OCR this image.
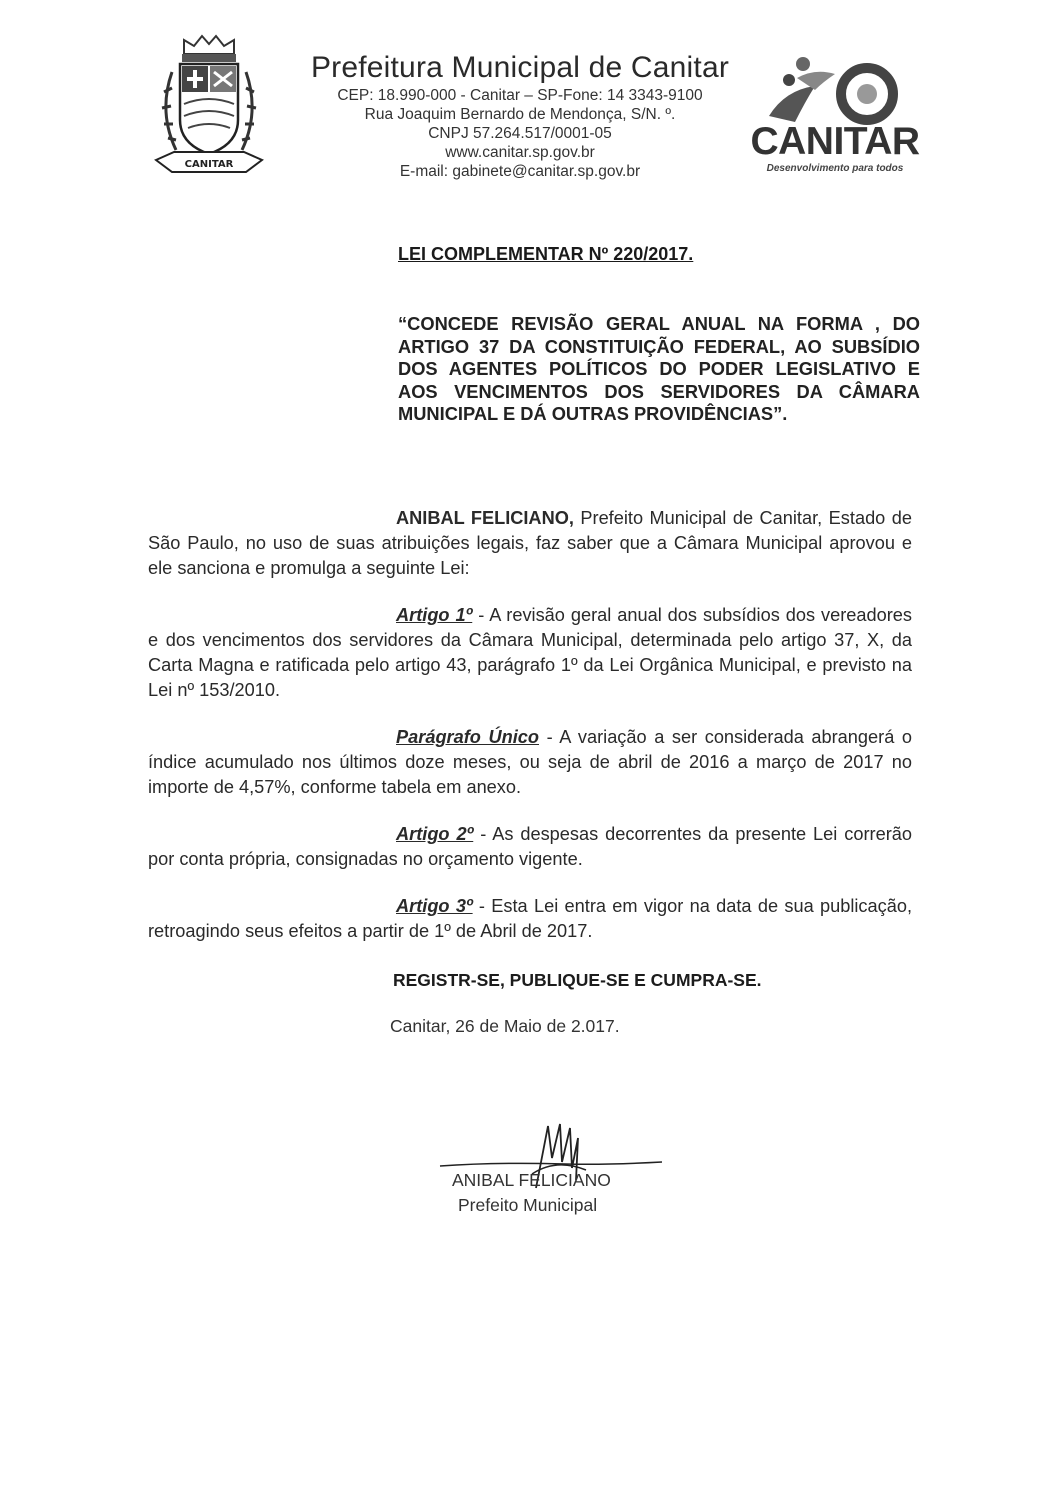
CANITAR

Prefeitura Municipal de Canitar

CEP: 18.990-000 - Canitar – SP-Fone: 14 3343-9100

Rua Joaquim Bernardo de Mendonça, S/N. º.

CNPJ 57.264.517/0001-05

www.canitar.sp.gov.br

E-mail: gabinete@canitar.sp.gov.br

CANITAR
Desenvolvimento para todos

LEI COMPLEMENTAR Nº 220/2017.

“CONCEDE REVISÃO GERAL ANUAL NA FORMA , DO ARTIGO 37 DA CONSTITUIÇÃO FEDERAL, AO SUBSÍDIO DOS AGENTES POLÍTICOS DO PODER LEGISLATIVO E AOS VENCIMENTOS DOS SERVIDORES DA CÂMARA MUNICIPAL E DÁ OUTRAS PROVIDÊNCIAS”.

ANIBAL FELICIANO, Prefeito Municipal de Canitar, Estado de São Paulo, no uso de suas atribuições legais, faz saber que a Câmara Municipal aprovou e ele sanciona e promulga a seguinte Lei:

Artigo 1º - A revisão geral anual dos subsídios dos vereadores e dos vencimentos dos servidores da Câmara Municipal, determinada pelo artigo 37, X, da Carta Magna e ratificada pelo artigo 43, parágrafo 1º da Lei Orgânica Municipal, e previsto na Lei nº 153/2010.

Parágrafo Único - A variação a ser considerada abrangerá o índice acumulado nos últimos doze meses, ou seja de abril de 2016 a março de 2017 no importe de 4,57%, conforme tabela em anexo.

Artigo 2º - As despesas decorrentes da presente Lei correrão por conta própria, consignadas no orçamento vigente.

Artigo 3º - Esta Lei entra em vigor na data de sua publicação, retroagindo seus efeitos a partir de 1º de Abril de 2017.

REGISTR-SE, PUBLIQUE-SE E CUMPRA-SE.

Canitar, 26 de Maio de 2.017.

ANIBAL FELICIANO

Prefeito Municipal
